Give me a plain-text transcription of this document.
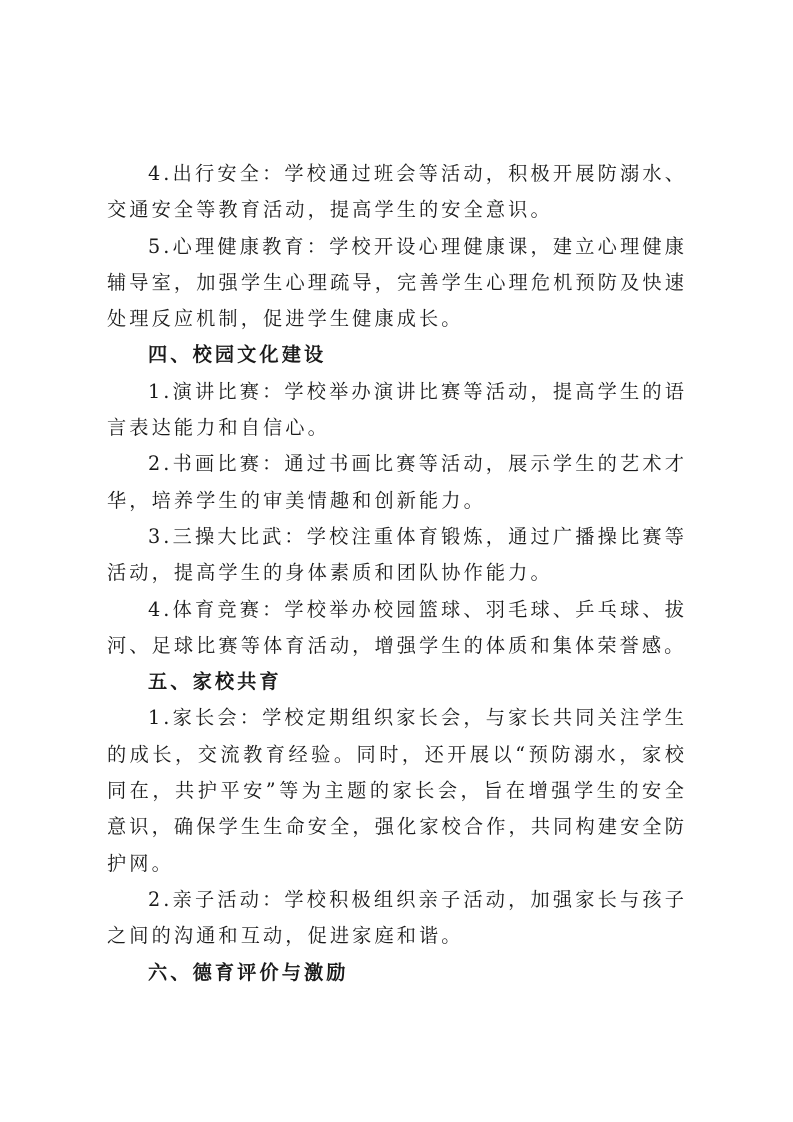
4.出行安全：学校通过班会等活动，积极开展防溺水、交通安全等教育活动，提高学生的安全意识。

5.心理健康教育：学校开设心理健康课，建立心理健康辅导室，加强学生心理疏导，完善学生心理危机预防及快速处理反应机制，促进学生健康成长。

四、校园文化建设

1.演讲比赛：学校举办演讲比赛等活动，提高学生的语言表达能力和自信心。

2.书画比赛：通过书画比赛等活动，展示学生的艺术才华，培养学生的审美情趣和创新能力。

3.三操大比武：学校注重体育锻炼，通过广播操比赛等活动，提高学生的身体素质和团队协作能力。

4.体育竞赛：学校举办校园篮球、羽毛球、乒乓球、拔河、足球比赛等体育活动，增强学生的体质和集体荣誉感。

五、家校共育

1.家长会：学校定期组织家长会，与家长共同关注学生的成长，交流教育经验。同时，还开展以“预防溺水，家校同在，共护平安”等为主题的家长会，旨在增强学生的安全意识，确保学生生命安全，强化家校合作，共同构建安全防护网。

2.亲子活动：学校积极组织亲子活动，加强家长与孩子之间的沟通和互动，促进家庭和谐。

六、德育评价与激励
